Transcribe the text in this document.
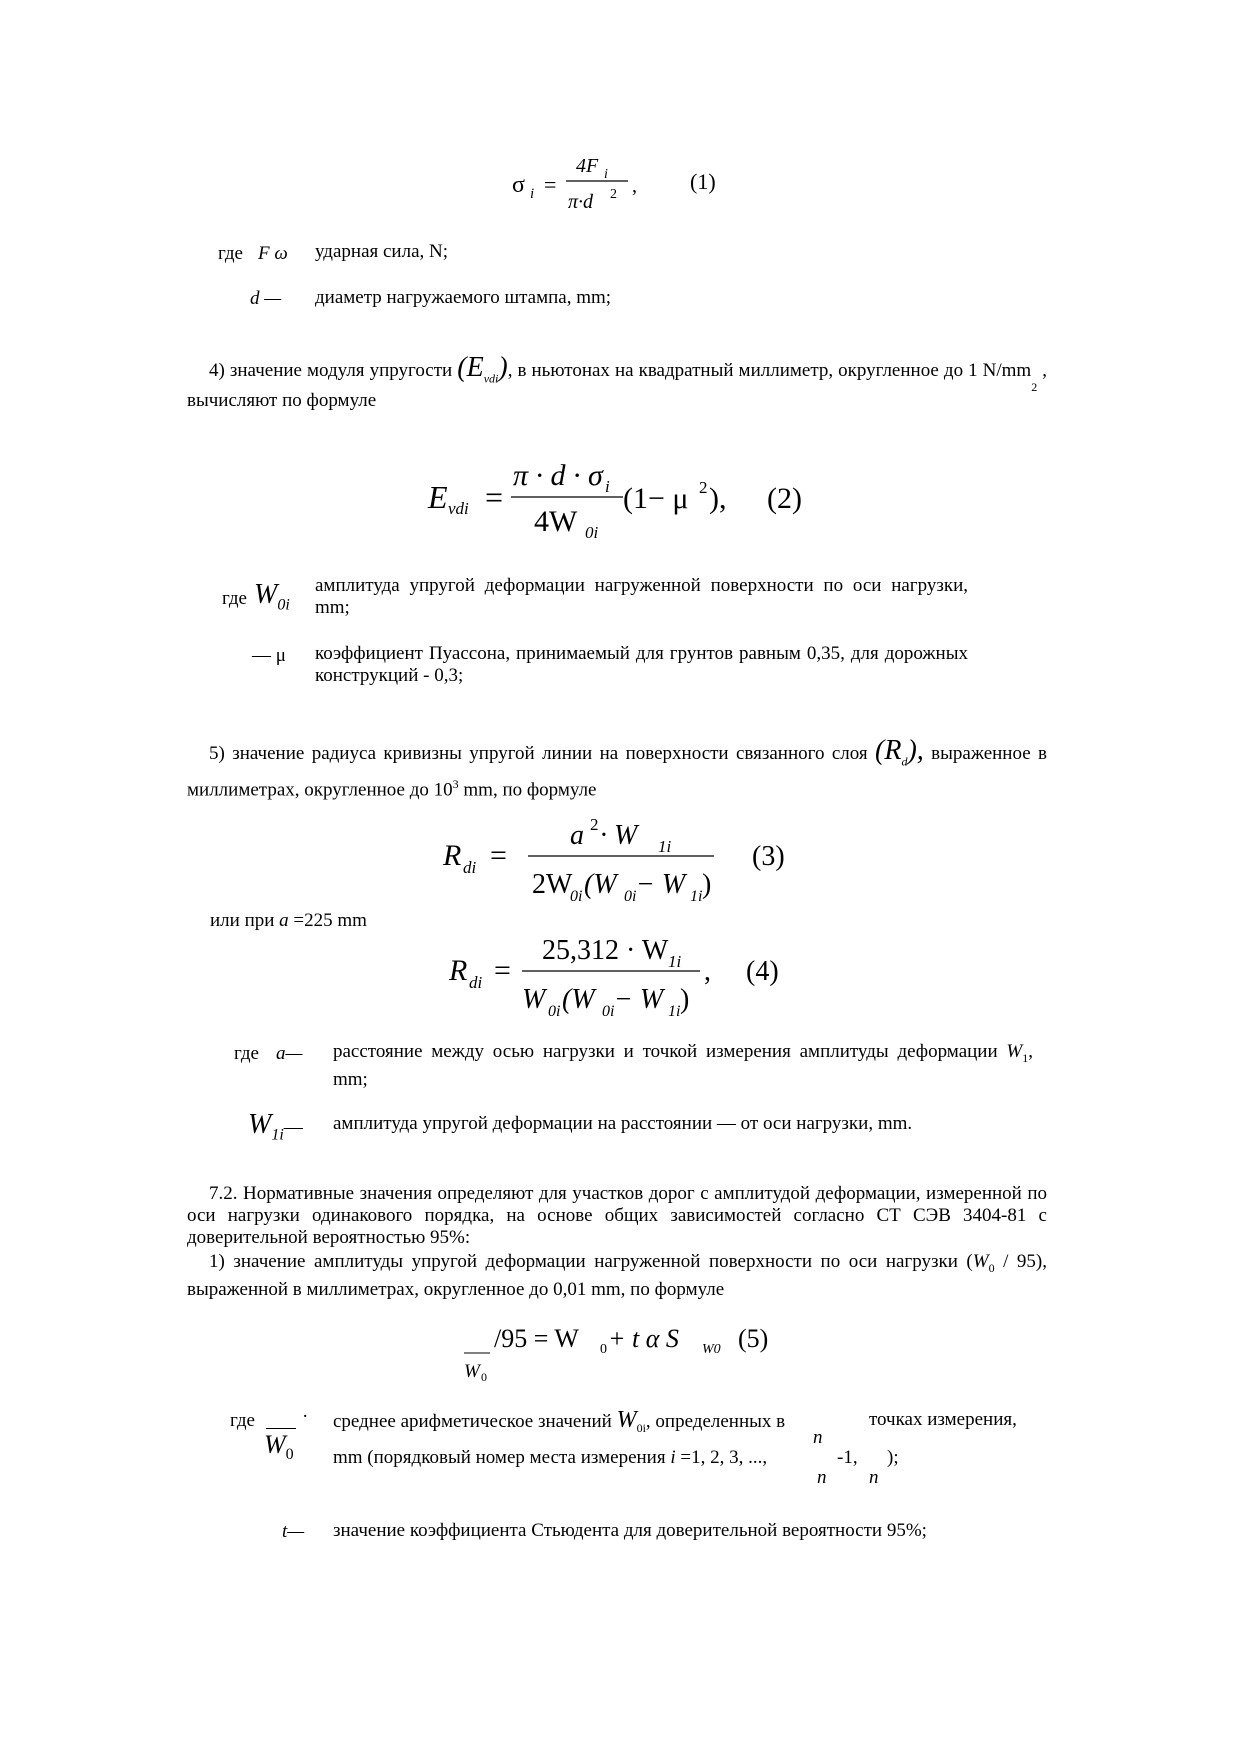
σ i =
4F i
π·d 2 , (1)
где F ω	ударная сила, N;
d —	диаметр нагружаемого штампа, mm;
4) значение модуля упругости $(E_{vdi})$, в ньютонах на квадратный миллиметр, округленное до 1 $N/mm_2$ , вычисляют по формуле
E vdi =
π · d · σ i
4W 0i
(1− μ 2 ), (2)
где $W_{0i}$
амплитуда упругой деформации нагруженной поверхности по оси нагрузки, mm;
— μ коэффициент Пуассона, принимаемый для грунтов равным 0,35, для дорожных конструкций - 0,3;
5) значение радиуса кривизны упругой линии на поверхности связанного слоя $(R_d)$, выраженное в миллиметрах, округленное до $10^3$ mm, по формуле
R di =
a 2 · W 1i
2W
0i (W 0i − W 1i )
(3)
или при a =225 mm
R di =
25,312 · W 1i
W 0i (W 0i − W 1i )
, (4)
где a— расстояние между осью нагрузки и точкой измерения амплитуды деформации $W_1$, mm;
$W_{1i}—$ амплитуда упругой деформации на расстоянии — от оси нагрузки, mm.
7.2. Нормативные значения определяют для участков дорог с амплитудой деформации, измеренной по оси нагрузки одинакового порядка, на основе общих зависимостей согласно СТ СЭВ 3404-81 с доверительной вероятностью 95%:
1) значение амплитуды упругой деформации нагруженной поверхности по оси нагрузки $(W_0 / 95)$, выраженной в миллиметрах, округленное до 0,01 mm, по формуле
W 0
/95 = W 0 + t α S W0 (5)
где ·
$W_0$
среднее арифметическое значений $W_{0i}$, определенных в
n
точках измерения,
mm (порядковый номер места измерения i =1, 2, 3, ...,
n
-1,
n
);
t— значение коэффициента Стьюдента для доверительной вероятности 95%;
